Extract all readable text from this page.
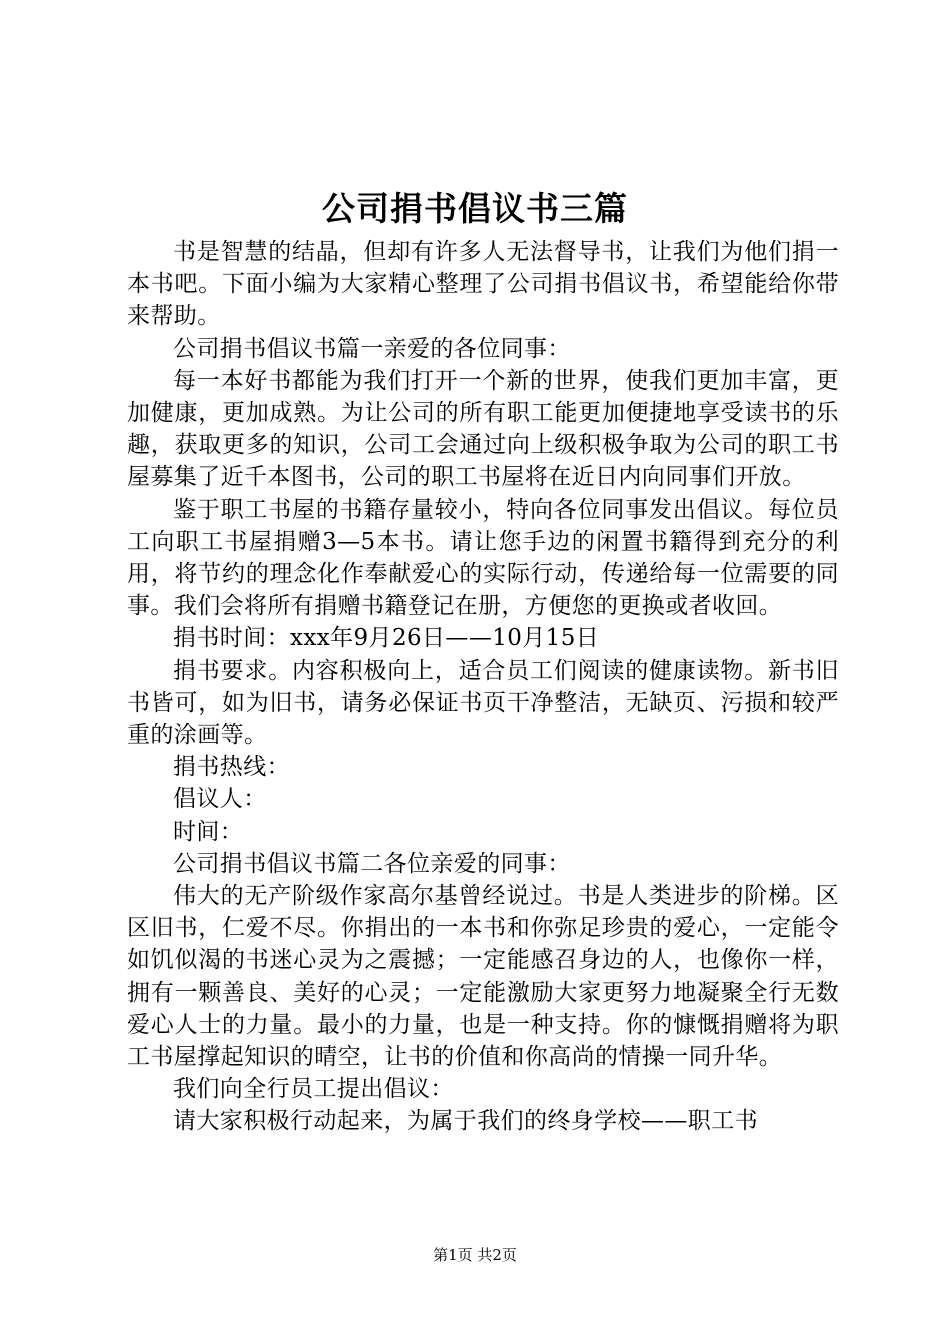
公司捐书倡议书三篇

书是智慧的结晶，但却有许多人无法督导书，让我们为他们捐一本书吧。下面小编为大家精心整理了公司捐书倡议书，希望能给你带来帮助。

公司捐书倡议书篇一亲爱的各位同事：

每一本好书都能为我们打开一个新的世界，使我们更加丰富，更加健康，更加成熟。为让公司的所有职工能更加便捷地享受读书的乐趣，获取更多的知识，公司工会通过向上级积极争取为公司的职工书屋募集了近千本图书，公司的职工书屋将在近日内向同事们开放。

鉴于职工书屋的书籍存量较小，特向各位同事发出倡议。每位员工向职工书屋捐赠3—5本书。请让您手边的闲置书籍得到充分的利用，将节约的理念化作奉献爱心的实际行动，传递给每一位需要的同事。我们会将所有捐赠书籍登记在册，方便您的更换或者收回。

捐书时间：xxx年9月26日——10月15日

捐书要求。内容积极向上，适合员工们阅读的健康读物。新书旧书皆可，如为旧书，请务必保证书页干净整洁，无缺页、污损和较严重的涂画等。

捐书热线：

倡议人：

时间：

公司捐书倡议书篇二各位亲爱的同事：

伟大的无产阶级作家高尔基曾经说过。书是人类进步的阶梯。区区旧书，仁爱不尽。你捐出的一本书和你弥足珍贵的爱心，一定能令如饥似渴的书迷心灵为之震撼；一定能感召身边的人，也像你一样，拥有一颗善良、美好的心灵；一定能激励大家更努力地凝聚全行无数爱心人士的力量。最小的力量，也是一种支持。你的慷慨捐赠将为职工书屋撑起知识的晴空，让书的价值和你高尚的情操一同升华。

我们向全行员工提出倡议：

请大家积极行动起来，为属于我们的终身学校——职工书

第1页 共2页
